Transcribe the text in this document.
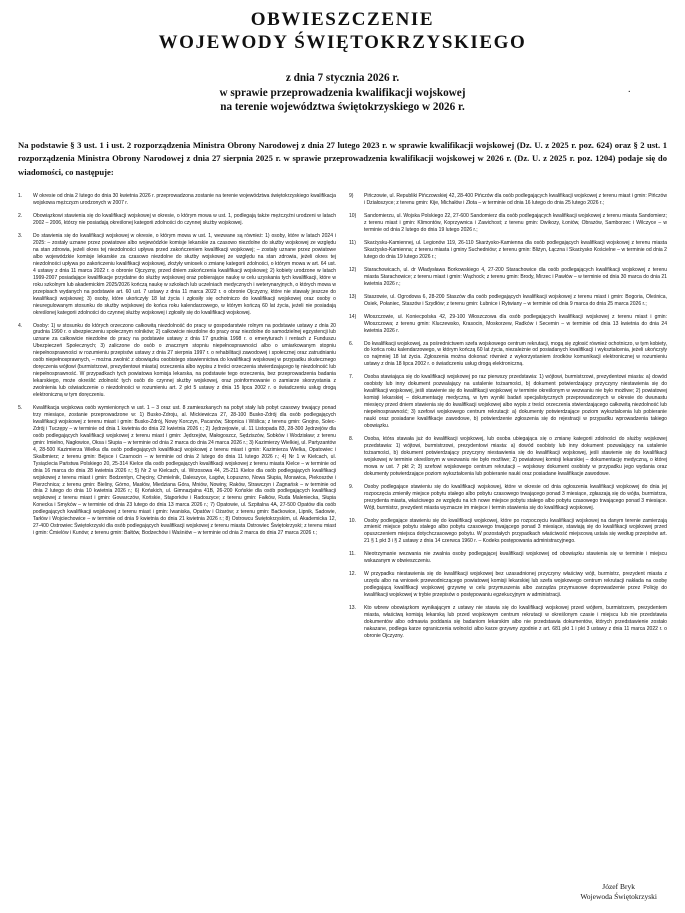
OBWIESZCZENIE
WOJEWODY ŚWIĘTOKRZYSKIEGO
z dnia 7 stycznia 2026 r.
w sprawie przeprowadzenia kwalifikacji wojskowej
na terenie województwa świętokrzyskiego w 2026 r.
.

Na podstawie § 3 ust. 1 i ust. 2 rozporządzenia Ministra Obrony Narodowej z dnia 27 lutego 2023 r. w sprawie kwalifikacji wojskowej (Dz. U. z 2025 r. poz. 624) oraz § 2 ust. 1 rozporządzenia Ministra Obrony Narodowej z dnia 27 sierpnia 2025 r. w sprawie przeprowadzenia kwalifikacji wojskowej w 2026 r. (Dz. U. z 2025 r. poz. 1204) podaje się do wiadomości, co następuje:

1.	W okresie od dnia 2 lutego do dnia 30 kwietnia 2026 r. przeprowadzona zostanie na terenie województwa świętokrzyskiego kwalifikacja wojskowa mężczyzn urodzonych w 2007 r.
2.	Obowiązkowi stawienia się do kwalifikacji wojskowej w okresie, o którym mowa w ust. 1, podlegają także mężczyźni urodzeni w latach 2002 – 2006, którzy nie posiadają określonej kategorii zdolności do czynnej służby wojskowej.
3.	Do stawienia się do kwalifikacji wojskowej w okresie, o którym mowa w ust. 1, wezwane są również: 1) osoby, które w latach 2024 i 2025: – zostały uznane przez powiatowe albo wojewódzkie komisje lekarskie za czasowo niezdolne do służby wojskowej ze względu na stan zdrowia, jeżeli okres tej niezdolności upływa przed zakończeniem kwalifikacji wojskowej; – zostały uznane przez powiatowe albo wojewódzkie komisje lekarskie za czasowo niezdolne do służby wojskowej ze względu na stan zdrowia, jeżeli okres tej niezdolności upływa po zakończeniu kwalifikacji wojskowej, złożyły wniosek o zmianę kategorii zdolności, o którym mowa w art. 64 ust. 4 ustawy z dnia 11 marca 2022 r. o obronie Ojczyzny, przed dniem zakończenia kwalifikacji wojskowej; 2) kobiety urodzone w latach 1999-2007 posiadające kwalifikacje przydatne do służby wojskowej oraz pobierające naukę w celu uzyskania tych kwalifikacji, które w roku szkolnym lub akademickim 2025/2026 kończą naukę w szkołach lub uczelniach medycznych i weterynaryjnych, o których mowa w przepisach wydanych na podstawie art. 60 ust. 7 ustawy z dnia 11 marca 2022 r. o obronie Ojczyzny, które nie stawały jeszcze do kwalifikacji wojskowej; 3) osoby, które ukończyły 18 lat życia i zgłosiły się ochotniczo do kwalifikacji wojskowej oraz osoby o nieuregulowanym stosunku do służby wojskowej do końca roku kalendarzowego, w którym kończą 60 lat życia, jeżeli nie posiadają określonej kategorii zdolności do czynnej służby wojskowej i zgłosiły się do kwalifikacji wojskowej.
4.	Osoby: 1) w stosunku do których orzeczono całkowitą niezdolność do pracy w gospodarstwie rolnym na podstawie ustawy z dnia 20 grudnia 1990 r. o ubezpieczeniu społecznym rolników; 2) całkowicie niezdolne do pracy oraz niezdolne do samodzielnej egzystencji lub uznane za całkowicie niezdolne do pracy na podstawie ustawy z dnia 17 grudnia 1998 r. o emeryturach i rentach z Funduszu Ubezpieczeń Społecznych; 3) zaliczone do osób o znacznym stopniu niepełnosprawności albo o umiarkowanym stopniu niepełnosprawności w rozumieniu przepisów ustawy z dnia 27 sierpnia 1997 r. o rehabilitacji zawodowej i społecznej oraz zatrudnianiu osób niepełnosprawnych, – można zwolnić z obowiązku osobistego stawiennictwa do kwalifikacji wojskowej w przypadku skutecznego doręczenia wójtowi (burmistrzowi, prezydentowi miasta) orzeczenia albo wypisu z treści orzeczenia stwierdzającego tę niezdolność lub niepełnosprawność. W przypadkach tych powiatowa komisja lekarska, na podstawie tego orzeczenia, bez przeprowadzenia badania lekarskiego, może określić zdolność tych osób do czynnej służby wojskowej, oraz poinformowanie o zamiarze skorzystania z zwolnienia lub oświadczenie o niezdolności w rozumieniu art. 2 pkt 5 ustawy z dnia 15 lipca 2002 r. o świadczeniu usług drogą elektroniczną w tym doręczeniu.
5.	Kwalifikacja wojskowa osób wymienionych w ust. 1 – 3 oraz ust. 8 zamieszkanych na pobyt stały lub pobyt czasowy trwający ponad trzy miesiące, zostanie przeprowadzone w: 1) Busko-Zdroju, al. Mickiewicza 27, 28-100 Busko-Zdrój dla osób podlegających kwalifikacji wojskowej z terenu miast i gmin: Busko-Zdrój, Nowy Korczyn, Pacanów, Stopnica i Wiślica; z terenu gmin: Gnojno, Solec-Zdrój i Tuczępy – w terminie od dnia 1 kwietnia do dnia 22 kwietnia 2026 r.; 2) Jędrzejowie, ul. 11 Listopada 83, 28-300 Jędrzejów dla osób podlegających kwalifikacji wojskowej z terenu miast i gmin: Jędrzejów, Małogoszcz, Sędziszów, Sobków i Wodzisław; z terenu gmin: Imielno, Nagłowice, Oksa i Słupia – w terminie od dnia 2 marca do dnia 24 marca 2026 r.; 3) Kazimierzy Wielkiej, ul. Partyzantów 4, 28-500 Kazimierza Wielka dla osób podlegających kwalifikacji wojskowej z terenu miast i gmin: Kazimierza Wielka, Opatowiec i Skalbmierz; z terenu gmin: Bejsce i Czarnocin – w terminie od dnia 2 lutego do dnia 11 lutego 2026 r.; 4) Nr 1 w Kielcach, ul. Tysiąclecia Państwa Polskiego 20, 25-314 Kielce dla osób podlegających kwalifikacji wojskowej z terenu miasta Kielce – w terminie od dnia 16 marca do dnia 28 kwietnia 2026 r.; 5) Nr 2 w Kielcach, ul. Wrzosowa 44, 25-211 Kielce dla osób podlegających kwalifikacji wojskowej z terenu miast i gmin: Bodzentyn, Chęciny, Chmielnik, Daleszyce, Łagów, Łopuszno, Nowa Słupia, Morawica, Piekoszów i Pierzchnica; z terenu gmin: Bieliny, Górno, Masłów, Miedziana Góra, Mniów, Nowiny, Raków, Strawczyn i Zagnańsk – w terminie od dnia 2 lutego do dnia 10 kwietnia 2026 r.; 6) Końskich, ul. Gimnazjalna 41B, 26-200 Końskie dla osób podlegających kwalifikacji wojskowej z terenu miast i gmin: Gowarczów, Końskie, Stąporków i Radoszyce; z terenu gmin: Fałków, Ruda Maleniecka, Słupia Konecka i Smyków – w terminie od dnia 23 lutego do dnia 13 marca 2026 r.; 7) Opatowie, ul. Szpitalna 4A, 27-500 Opatów dla osób podlegających kwalifikacji wojskowej z terenu miast i gmin: Iwaniska, Opatów i Ożarów; z terenu gmin: Baćkowice, Lipnik, Sadowie, Tarłów i Wojciechowice – w terminie od dnia 9 kwietnia do dnia 21 kwietnia 2026 r.; 8) Ostrowcu Świętokrzyskim, ul. Akademicka 12, 27-400 Ostrowiec Świętokrzyski dla osób podlegających kwalifikacji wojskowej z terenu miasta Ostrowiec Świętokrzyski; z terenu miast i gmin: Ćmielów i Kunów; z terenu gmin: Bałtów, Bodzechów i Waśniów – w terminie od dnia 2 marca do dnia 27 marca 2026 r.;
9)	Pińczowie, ul. Republiki Pińczowskiej 42, 28-400 Pińczów dla osób podlegających kwalifikacji wojskowej z terenu miast i gmin: Pińczów i Działoszyce; z terenu gmin: Kije, Michałów i Złota – w terminie od dnia 16 lutego do dnia 25 lutego 2026 r.;
10)	Sandomierzu, ul. Wojska Polskiego 22, 27-600 Sandomierz dla osób podlegających kwalifikacji wojskowej z terenu miasta Sandomierz; z terenu miast i gmin: Klimontów, Koprzywnica i Zawichost; z terenu gmin: Dwikozy, Łoniów, Obrazów, Samborzec i Wilczyce – w terminie od dnia 2 lutego do dnia 19 lutego 2026 r.;
11)	Skarżysku-Kamiennej, ul. Legionów 119, 26-110 Skarżysko-Kamienna dla osób podlegających kwalifikacji wojskowej z terenu miasta Skarżysko-Kamienna; z terenu miasta i gminy Suchedniów; z terenu gmin: Bliżyn, Łączna i Skarżysko Kościelne – w terminie od dnia 2 lutego do dnia 19 lutego 2026 r.;
12)	Starachowicach, ul. dr Władysława Borkowskiego 4, 27-200 Starachowice dla osób podlegających kwalifikacji wojskowej z terenu miasta Starachowice; z terenu miast i gmin: Wąchock; z terenu gmin: Brody, Mirzec i Pawłów – w terminie od dnia 30 marca do dnia 21 kwietnia 2026 r.;
13)	Staszowie, ul. Ogrodowa 6, 28-200 Staszów dla osób podlegających kwalifikacji wojskowej z terenu miast i gmin: Bogoria, Oleśnica, Osiek, Połaniec, Staszów i Szydłów; z terenu gmin: Łubnice i Rytwiany – w terminie od dnia 9 marca do dnia 25 marca 2026 r.;
14)	Włoszczowie, ul. Koniecpolska 42, 29-100 Włoszczowa dla osób podlegających kwalifikacji wojskowej z terenu miast i gmin: Włoszczowa; z terenu gmin: Kluczewsko, Krasocin, Moskorzew, Radków i Secemin – w terminie od dnia 13 kwietnia do dnia 24 kwietnia 2026 r.
6.	Do kwalifikacji wojskowej, za pośrednictwem szefa wojskowego centrum rekrutacji, mogą się zgłosić również ochotniczo, w tym kobiety, do końca roku kalendarzowego, w którym kończą 60 lat życia, niezależnie od posiadanych kwalifikacji i wykształcenia, jeżeli ukończyły co najmniej 18 lat życia. Zgłoszenia można dokonać również z wykorzystaniem środków komunikacji elektronicznej w rozumieniu ustawy z dnia 18 lipca 2002 r. o świadczeniu usług drogą elektroniczną.
7.	Osoba stawiająca się do kwalifikacji wojskowej po raz pierwszy przedstawia: 1) wójtowi, burmistrzowi, prezydentowi miasta: a) dowód osobisty lub inny dokument pozwalający na ustalenie tożsamości, b) dokument potwierdzający przyczyny niestawienia się do kwalifikacji wojskowej, jeśli stawienie się do kwalifikacji wojskowej w terminie określonym w wezwaniu nie było możliwe; 2) powiatowej komisji lekarskiej – dokumentację medyczną, w tym wyniki badań specjalistycznych przeprowadzonych w okresie do dwunastu miesięcy przed dniem stawienia się do kwalifikacji wojskowej albo wypis z treści orzeczenia stwierdzającego całkowitą niezdolność lub niepełnosprawność; 3) szefowi wojskowego centrum rekrutacji: a) dokumenty potwierdzające poziom wykształcenia lub pobieranie nauki oraz posiadane kwalifikacje zawodowe, b) potwierdzenie zgłoszenia się do rejestracji w przypadku wprowadzenia takiego obowiązku.
8.	Osoba, która stawała już do kwalifikacji wojskowej, lub osoba ubiegająca się o zmianę kategorii zdolności do służby wojskowej przedstawia: 1) wójtowi, burmistrzowi, prezydentowi miasta: a) dowód osobisty lub inny dokument pozwalający na ustalenie tożsamości, b) dokument potwierdzający przyczyny niestawienia się do kwalifikacji wojskowej, jeśli stawienie się do kwalifikacji wojskowej w terminie określonym w wezwaniu nie było możliwe; 2) powiatowej komisji lekarskiej – dokumentację medyczną, o której mowa w ust. 7 pkt 2; 3) szefowi wojskowego centrum rekrutacji – wojskowy dokument osobisty w przypadku jego wydania oraz dokumenty potwierdzające poziom wykształcenia lub pobieranie nauki oraz posiadane kwalifikacje zawodowe.
9.	Osoby podlegające stawieniu się do kwalifikacji wojskowej, które w okresie od dnia ogłoszenia kwalifikacji wojskowej do dnia jej rozpoczęcia zmieniły miejsce pobytu stałego albo pobytu czasowego trwającego ponad 3 miesiące, zgłaszają się do wójta, burmistrza, prezydenta miasta, właściwego ze względu na ich nowe miejsce pobytu stałego albo pobytu czasowego trwającego ponad 3 miesiące. Wójt, burmistrz, prezydent miasta wyznacze im miejsce i termin stawienia się do kwalifikacji wojskowej.
10.	Osoby podlegające stawieniu się do kwalifikacji wojskowej, które po rozpoczęciu kwalifikacji wojskowej na danym terenie zamierzają zmienić miejsce pobytu stałego albo pobytu czasowego trwającego ponad 3 miesiące, stawiają się do kwalifikacji wojskowej przed opuszczeniem miejsca dotychczasowego pobytu. W pozostałych przypadkach właściwość miejscową ustala się według przepisów art. 21 § 1 pkt 3 i § 2 ustawy z dnia 14 czerwca 1960 r. – Kodeks postępowania administracyjnego.
11.	Nieotrzymanie wezwania nie zwalnia osoby podlegającej kwalifikacji wojskowej od obowiązku stawienia się w terminie i miejscu wskazanym w obwieszczeniu.
12.	W przypadku niestawienia się do kwalifikacji wojskowej bez uzasadnionej przyczyny właściwy wójt, burmistrz, prezydent miasta z urzędu albo na wniosek przewodniczącego powiatowej komisji lekarskiej lub szefa wojskowego centrum rekrutacji nakłada na osobę podlegającą kwalifikacji wojskowej grzywnę w celu przymuszenia albo zarządza przymusowe doprowadzenie przez Policję do kwalifikacji wojskowej w trybie przepisów o postępowaniu egzekucyjnym w administracji.
13.	Kto wbrew obowiązkom wynikającym z ustawy nie stawia się do kwalifikacji wojskowej przed wójtem, burmistrzem, prezydentem miasta, właściwą komisją lekarską lub przed wojskowym centrum rekrutacji w określonym czasie i miejscu lub nie przedstawia dokumentów albo odmawia poddania się badaniom lekarskim albo nie przedstawia dokumentów, których przedstawienie zostało nakazane, podlega karze ograniczenia wolności albo karze grzywny zgodnie z art. 681 pkt 1 i pkt 3 ustawy z dnia 11 marca 2022 r. o obronie Ojczyzny.
Józef Bryk
Wojewoda Świętokrzyski
